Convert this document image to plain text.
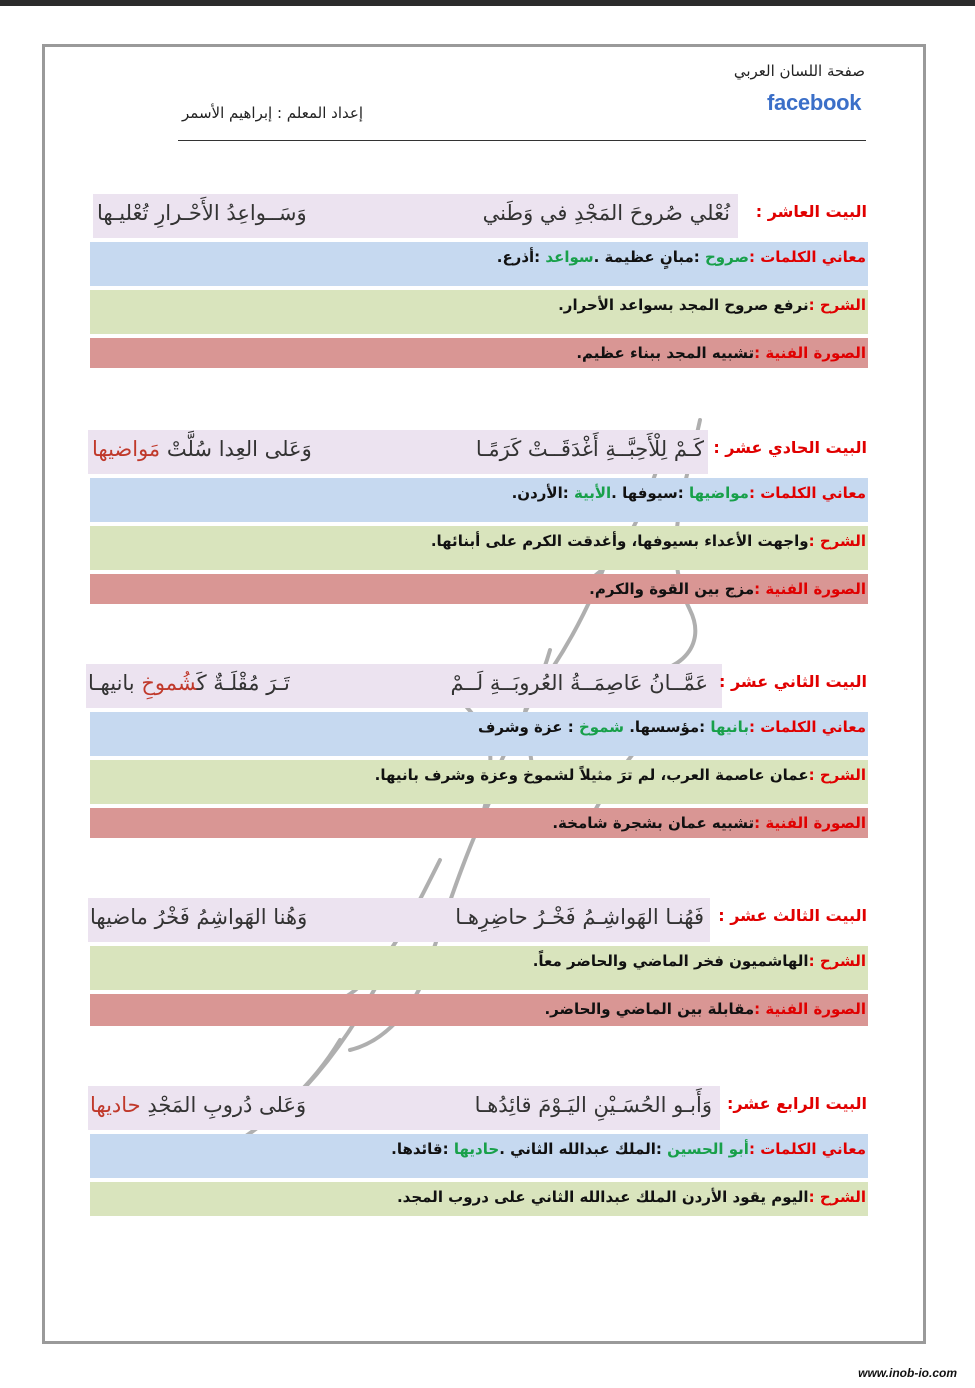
صفحة اللسان العربي
facebook
إعداد المعلم : إبراهيم الأسمر
نُعْلي صُروحَ المَجْدِ في وَطَني
وَسَــواعِدُ الأَحْـرارِ تُعْليـها	البيت العاشر :
معاني الكلمات :صروح :مبانٍ عظيمة .سواعد :أذرع.
الشرح :نرفع صروح المجد بسواعد الأحرار.
الصورة الفنية :تشبيه المجد ببناء عظيم.
كَـمْ لِلْأَحِبَّــةِ أَغْدَقَــتْ كَرَمًـا
وَعَلى العِدا سُلَّتْ مَواضيها	البيت الحادي عشر :
معاني الكلمات :مواضيها :سيوفها .الأبية :الأردن.
الشرح :واجهت الأعداء بسيوفها، وأغدقت الكرم على أبنائها.
الصورة الفنية :مزج بين القوة والكرم.
عَمَّــانُ عَاصِمَــةُ العُروبَــةِ لَــمْ
تَـرَ مُقْلَـةٌ كَشُموخِ بانيهـا	البيت الثاني عشر :
معاني الكلمات :بانيها :مؤسسها. شموخ : عزة وشرف
الشرح :عمان عاصمة العرب، لم ترَ مثيلاً لشموخ وعزة وشرف بانيها.
الصورة الفنية :تشبيه عمان بشجرة شامخة.
فَهُنـا الهَواشِـمُ فَخْـرُ حاضِرِهـا
وَهُنا الهَواشِمُ فَخْرُ ماضيها	البيت الثالث عشر :
الشرح :الهاشميون فخر الماضي والحاضر معاً.
الصورة الفنية :مقابلة بين الماضي والحاضر.
وَأَبـو الحُسَـيْنِ اليَـوْمَ قائِدُهـا
وَعَلى دُروبِ المَجْدِ حاديها	البيت الرابع عشر:
معاني الكلمات :أبو الحسين :الملك عبدالله الثاني .حاديها :قائدها.
الشرح :اليوم يقود الأردن الملك عبدالله الثاني على دروب المجد.
www.inob-io.com
